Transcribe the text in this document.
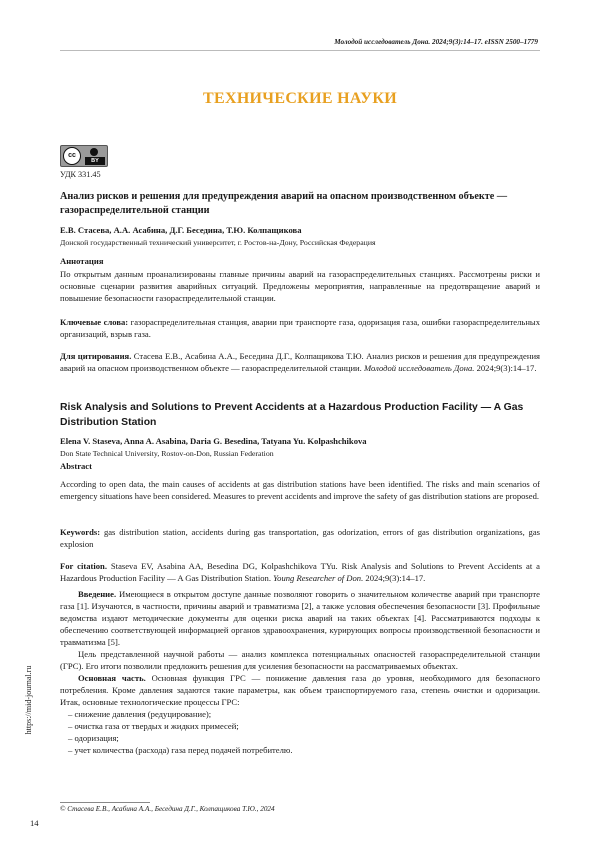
Молодой исследователь Дона. 2024;9(3):14–17. eISSN 2500–1779
ТЕХНИЧЕСКИЕ НАУКИ
cc
BY
УДК 331.45
Анализ рисков и решения для предупреждения аварий на опасном производственном объекте — газораспределительной станции
Е.В. Стасева, А.А. Асабина, Д.Г. Беседина, Т.Ю. Колпащикова
Донской государственный технический университет, г. Ростов-на-Дону, Российская Федерация
Аннотация
По открытым данным проанализированы главные причины аварий на газораспределительных станциях. Рассмотрены риски и основные сценарии развития аварийных ситуаций. Предложены мероприятия, направленные на предотвращение аварий и повышение безопасности газораспределительной станции.
Ключевые слова: газораспределительная станция, аварии при транспорте газа, одоризация газа, ошибки газораспределительных организаций, взрыв газа.
Для цитирования. Стасева Е.В., Асабина А.А., Беседина Д.Г., Колпащикова Т.Ю. Анализ рисков и решения для предупреждения аварий на опасном производственном объекте — газораспределительной станции. Молодой исследователь Дона. 2024;9(3):14–17.
Risk Analysis and Solutions to Prevent Accidents at a Hazardous Production Facility — A Gas Distribution Station
Elena V. Staseva, Anna A. Asabina, Daria G. Besedina, Tatyana Yu. Kolpashchikova
Don State Technical University, Rostov-on-Don, Russian Federation
Abstract
According to open data, the main causes of accidents at gas distribution stations have been identified. The risks and main scenarios of emergency situations have been considered. Measures to prevent accidents and improve the safety of gas distribution stations are proposed.
Keywords: gas distribution station, accidents during gas transportation, gas odorization, errors of gas distribution organizations, gas explosion
For citation. Staseva EV, Asabina AA, Besedina DG, Kolpashchikova TYu. Risk Analysis and Solutions to Prevent Accidents at a Hazardous Production Facility — A Gas Distribution Station. Young Researcher of Don. 2024;9(3):14–17.

Введение. Имеющиеся в открытом доступе данные позволяют говорить о значительном количестве аварий при транспорте газа [1]. Изучаются, в частности, причины аварий и травматизма [2], а также условия обеспечения безопасности [3]. Профильные ведомства издают методические документы для оценки риска аварий на таких объектах [4]. Рассматриваются подходы к обеспечению соответствующей информацией органов здравоохранения, курирующих вопросы производственной безопасности и травматизма [5].

Цель представленной научной работы — анализ комплекса потенциальных опасностей газораспределительной станции (ГРС). Его итоги позволили предложить решения для усиления безопасности на рассматриваемых объектах.

Основная часть. Основная функция ГРС — понижение давления газа до уровня, необходимого для безопасного потребления. Кроме давления задаются такие параметры, как объем транспортируемого газа, степень очистки и одоризации. Итак, основные технологические процессы ГРС:

– снижение давления (редуцирование);

– очистка газа от твердых и жидких примесей;

– одоризация;

– учет количества (расхода) газа перед подачей потребителю.

https://mid-journal.ru
© Стасева Е.В., Асабина А.А., Беседина Д.Г., Колпащикова Т.Ю., 2024
14
